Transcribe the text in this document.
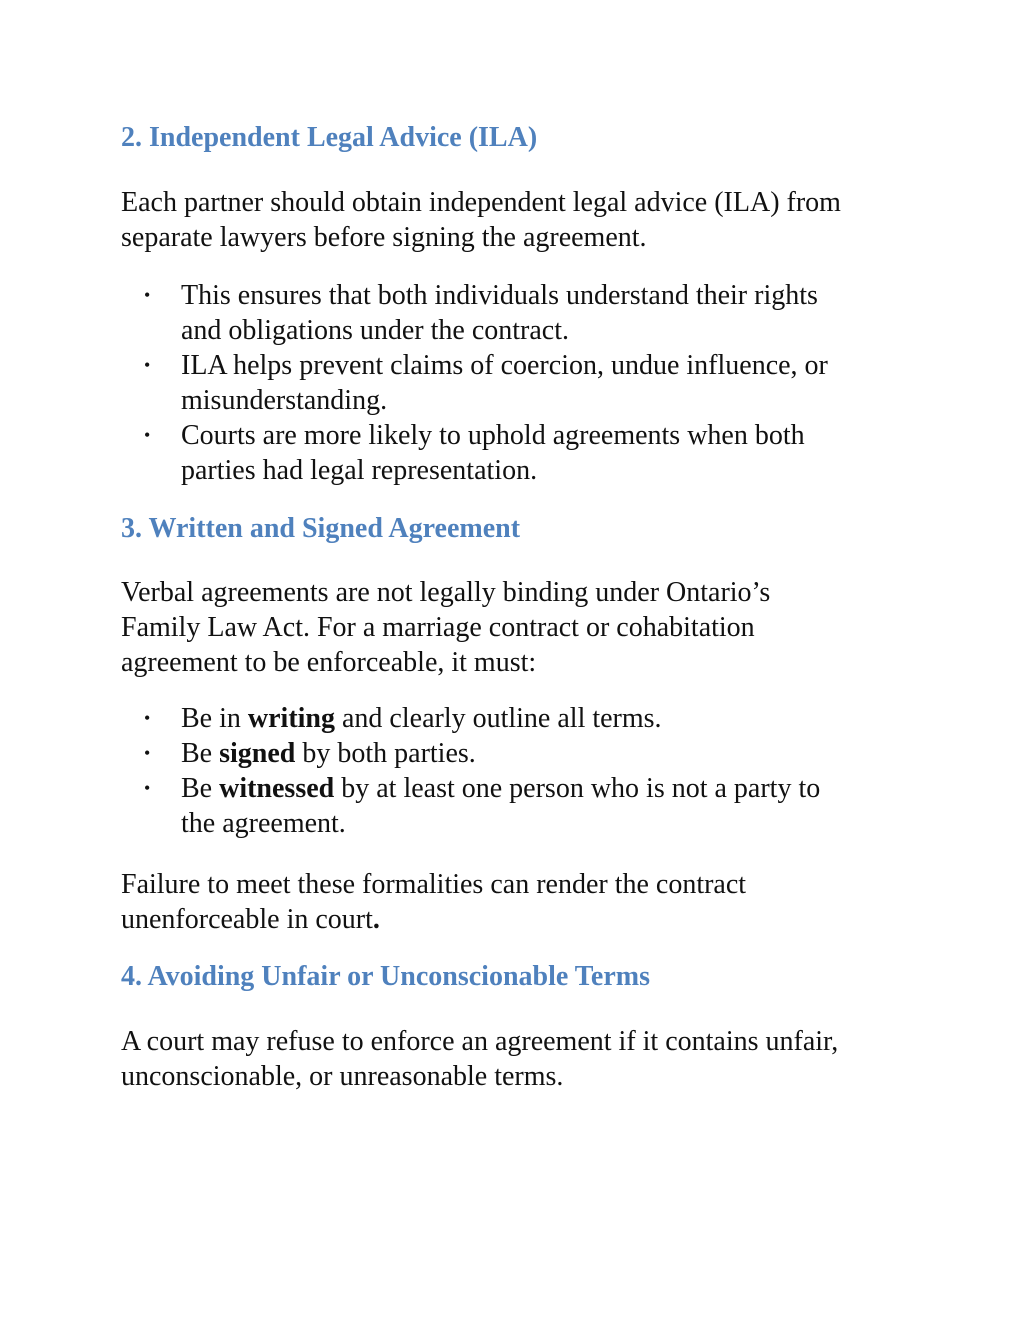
2. Independent Legal Advice (ILA)

Each partner should obtain independent legal advice (ILA) from
separate lawyers before signing the agreement.

• This ensures that both individuals understand their rights
and obligations under the contract.
• ILA helps prevent claims of coercion, undue influence, or
misunderstanding.
• Courts are more likely to uphold agreements when both
parties had legal representation.
3. Written and Signed Agreement

Verbal agreements are not legally binding under Ontario’s
Family Law Act. For a marriage contract or cohabitation
agreement to be enforceable, it must:

• Be in writing and clearly outline all terms.
• Be signed by both parties.
• Be witnessed by at least one person who is not a party to
the agreement.

Failure to meet these formalities can render the contract
unenforceable in court.

4. Avoiding Unfair or Unconscionable Terms

A court may refuse to enforce an agreement if it contains unfair,
unconscionable, or unreasonable terms.
